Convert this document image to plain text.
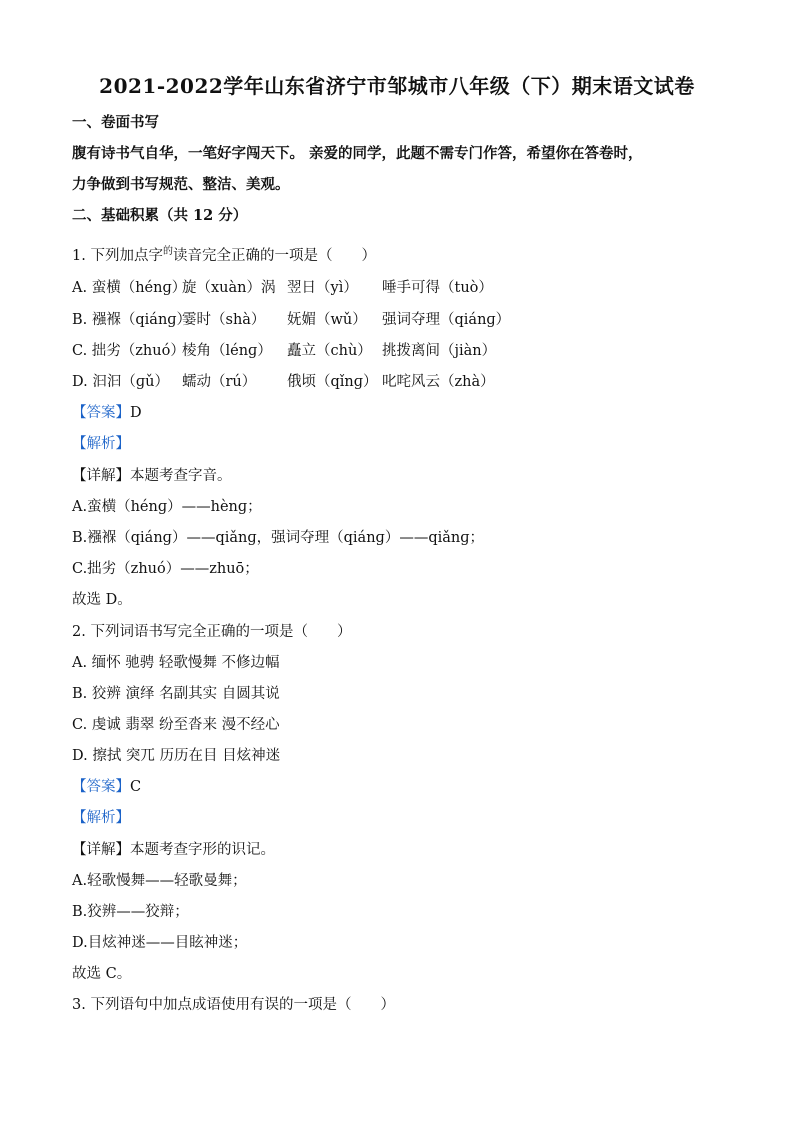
2021-2022学年山东省济宁市邹城市八年级（下）期末语文试卷
一、卷面书写
腹有诗书气自华，一笔好字闯天下。 亲爱的同学，此题不需专门作答，希望你在答卷时，
力争做到书写规范、整洁、美观。
二、基础积累（共 12 分）
1. 下列加点字$^的$读音完全正确的一项是（　　）
A. 蛮横（hénɡ）旋（xuàn）涡 翌日（yì） 唾手可得（tuò）
B. 襁褓（qiánɡ）霎时（shà） 妩媚（wǔ） 强词夺理（qiánɡ）
C. 拙劣（zhuó）棱角（lénɡ） 矗立（chù） 挑拨离间（jiàn）
D. 汩汩（ɡǔ） 蠕动（rú） 俄顷（qǐnɡ） 叱咤风云（zhà）
【答案】D
【解析】
【详解】本题考查字音。
A.蛮横（hénɡ）——hènɡ；
B.襁褓（qiánɡ）——qiǎnɡ，强词夺理（qiánɡ）——qiǎnɡ；
C.拙劣（zhuó）——zhuō；
故选 D。
2. 下列词语书写完全正确的一项是（　　）
A. 缅怀 驰骋 轻歌慢舞 不修边幅
B. 狡辨 演绎 名副其实 自圆其说
C. 虔诚 翡翠 纷至沓来 漫不经心
D. 擦拭 突兀 历历在目 目炫神迷
【答案】C
【解析】
【详解】本题考查字形的识记。
A.轻歌慢舞——轻歌曼舞；
B.狡辨——狡辩；
D.目炫神迷——目眩神迷；
故选 C。
3. 下列语句中加点成语使用有误的一项是（　　）
